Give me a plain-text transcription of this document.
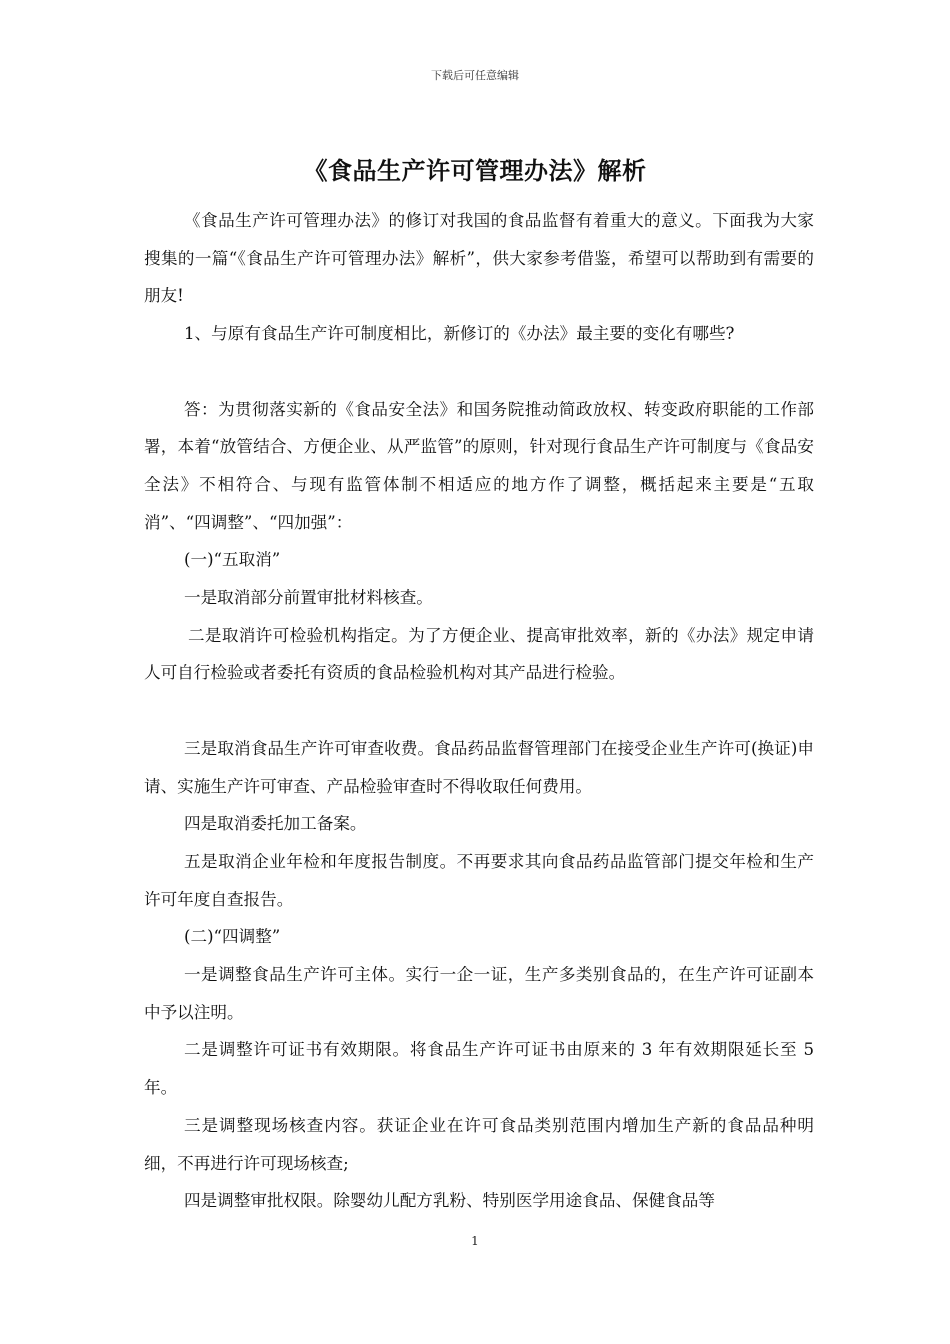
下载后可任意编辑
《食品生产许可管理办法》解析

《食品生产许可管理办法》的修订对我国的食品监督有着重大的意义。下面我为大家搜集的一篇“《食品生产许可管理办法》解析”，供大家参考借鉴，希望可以帮助到有需要的朋友!

1、与原有食品生产许可制度相比，新修订的《办法》最主要的变化有哪些?

答：为贯彻落实新的《食品安全法》和国务院推动简政放权、转变政府职能的工作部署，本着“放管结合、方便企业、从严监管”的原则，针对现行食品生产许可制度与《食品安全法》不相符合、与现有监管体制不相适应的地方作了调整，概括起来主要是“五取消”、“四调整”、“四加强”：

(一)“五取消”

一是取消部分前置审批材料核查。

二是取消许可检验机构指定。为了方便企业、提高审批效率，新的《办法》规定申请人可自行检验或者委托有资质的食品检验机构对其产品进行检验。

三是取消食品生产许可审查收费。食品药品监督管理部门在接受企业生产许可(换证)申请、实施生产许可审查、产品检验审查时不得收取任何费用。

四是取消委托加工备案。

五是取消企业年检和年度报告制度。不再要求其向食品药品监管部门提交年检和生产许可年度自查报告。

(二)“四调整”

一是调整食品生产许可主体。实行一企一证，生产多类别食品的，在生产许可证副本中予以注明。

二是调整许可证书有效期限。将食品生产许可证书由原来的 3 年有效期限延长至 5 年。

三是调整现场核查内容。获证企业在许可食品类别范围内增加生产新的食品品种明细，不再进行许可现场核查;

四是调整审批权限。除婴幼儿配方乳粉、特别医学用途食品、保健食品等

1
